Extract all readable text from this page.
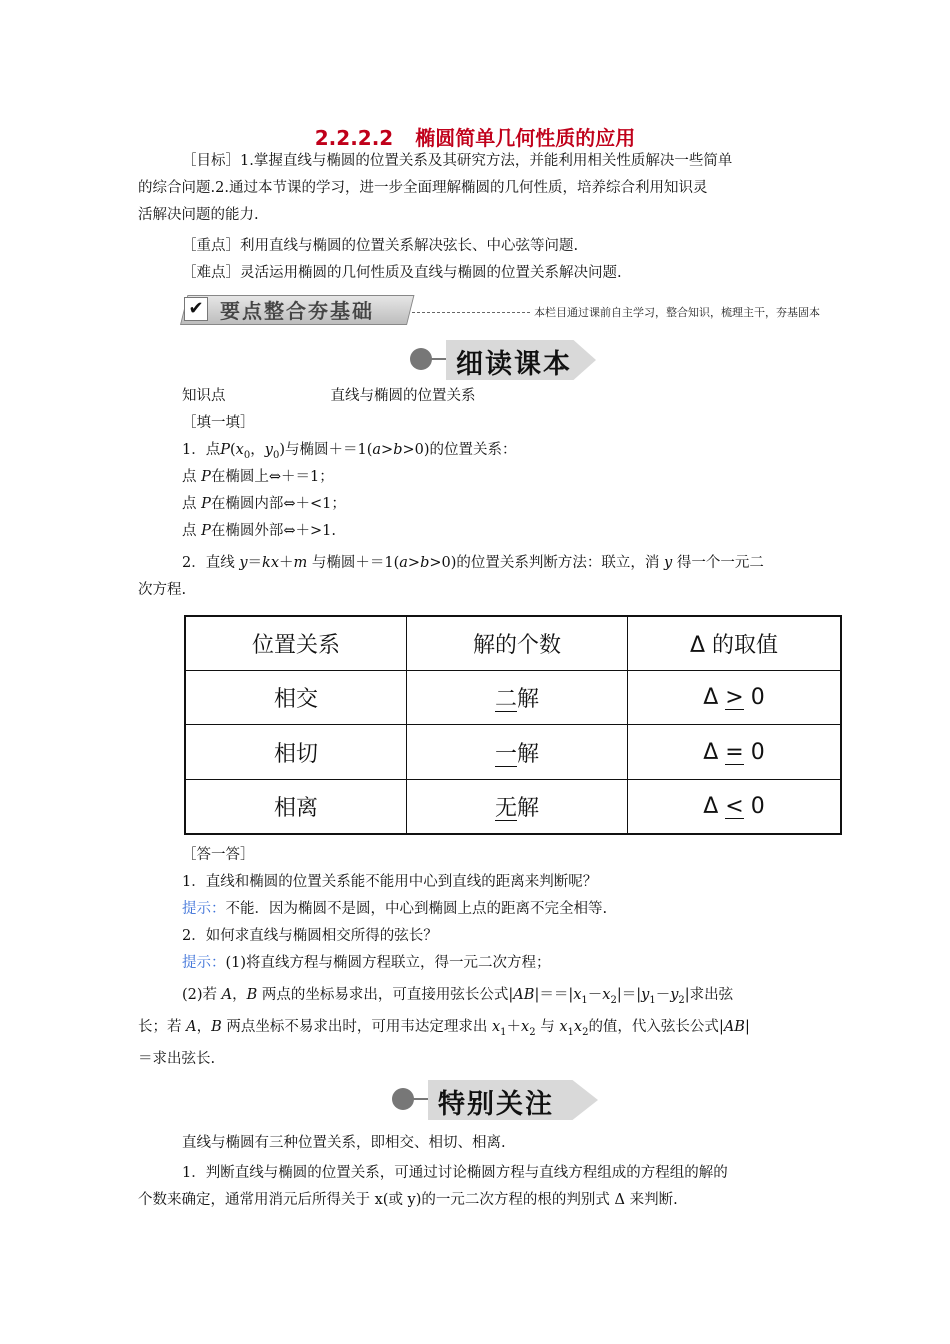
2.2.2.2 椭圆简单几何性质的应用
［目标］1.掌握直线与椭圆的位置关系及其研究方法，并能利用相关性质解决一些简单
的综合问题.2.通过本节课的学习，进一步全面理解椭圆的几何性质，培养综合利用知识灵
活解决问题的能力.
［重点］利用直线与椭圆的位置关系解决弦长、中心弦等问题.
［难点］灵活运用椭圆的几何性质及直线与椭圆的位置关系解决问题.
✔ 要点整合夯基础	本栏目通过课前自主学习，整合知识，梳理主干，夯基固本
细读课本
知识点	直线与椭圆的位置关系
［填一填］
1．点$P(x_0$，$y_0$)与椭圆＋＝1(a>b>0)的位置关系：
点 P在椭圆上⇔＋＝1；
点 P在椭圆内部⇔＋<1；
点 P在椭圆外部⇔＋>1.
2．直线 y＝kx＋m 与椭圆＋＝1(a>b>0)的位置关系判断方法：联立，消 y 得一个一元二
次方程.
位置关系	解的个数	Δ 的取值
相交	二解	Δ > 0
相切	一解	Δ = 0
相离	无解	Δ < 0
［答一答］
1．直线和椭圆的位置关系能不能用中心到直线的距离来判断呢？
提示：不能．因为椭圆不是圆，中心到椭圆上点的距离不完全相等.
2．如何求直线与椭圆相交所得的弦长？
提示：(1)将直线方程与椭圆方程联立，得一元二次方程；
(2)若 A，B 两点的坐标易求出，可直接用弦长公式$|AB|==|x_1-x_2|=|y_1-y_2|$求出弦
长；若 A，B 两点坐标不易求出时，可用韦达定理求出 $x_1+x_2$ 与 $x_1x_2$的值，代入弦长公式|AB|
＝求出弦长.
特别关注
直线与椭圆有三种位置关系，即相交、相切、相离.
1．判断直线与椭圆的位置关系，可通过讨论椭圆方程与直线方程组成的方程组的解的
个数来确定，通常用消元后所得关于 x(或 y)的一元二次方程的根的判别式 Δ 来判断.
